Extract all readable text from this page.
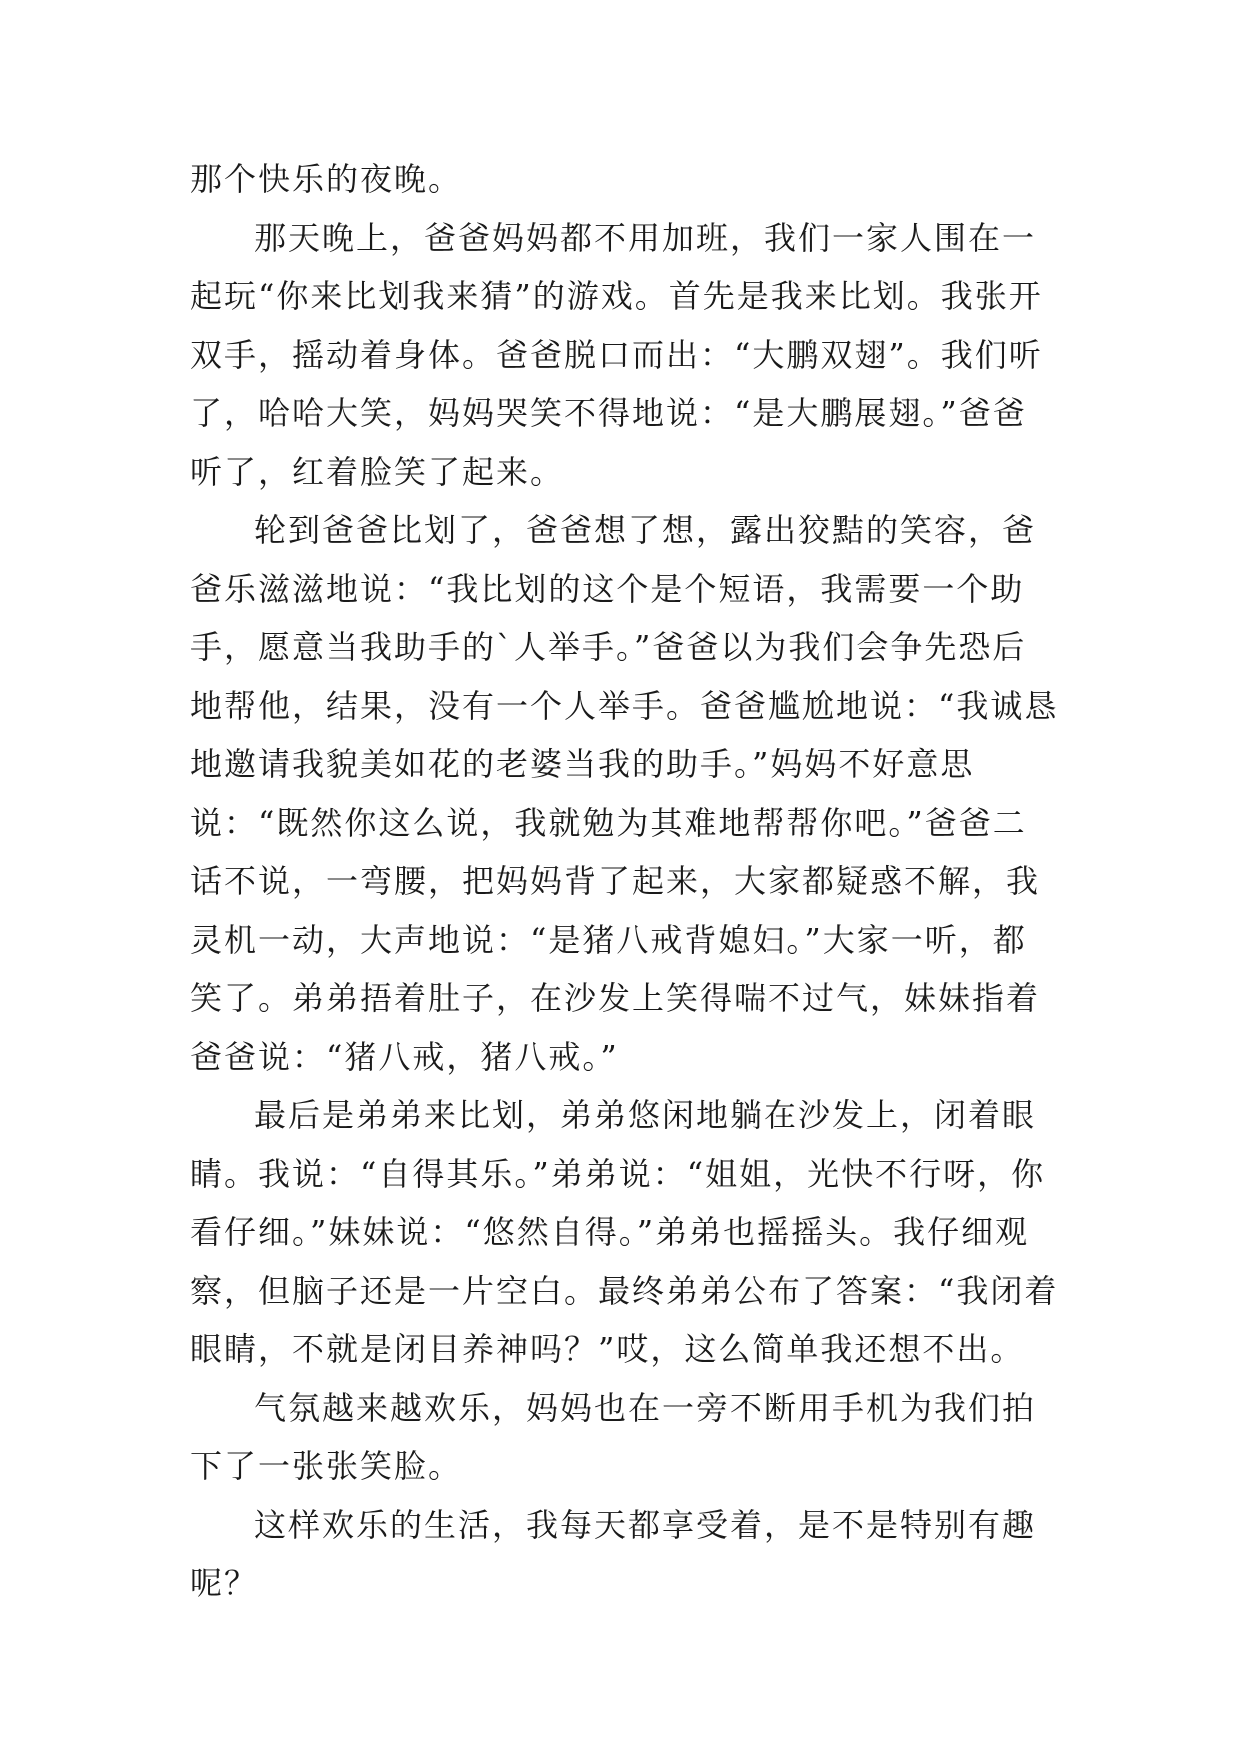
那个快乐的夜晚。

那天晚上，爸爸妈妈都不用加班，我们一家人围在一起玩“你来比划我来猜”的游戏。首先是我来比划。我张开双手，摇动着身体。爸爸脱口而出：“大鹏双翅”。我们听了，哈哈大笑，妈妈哭笑不得地说：“是大鹏展翅。”爸爸听了，红着脸笑了起来。

轮到爸爸比划了，爸爸想了想，露出狡黠的笑容，爸爸乐滋滋地说：“我比划的这个是个短语，我需要一个助手，愿意当我助手的`人举手。”爸爸以为我们会争先恐后地帮他，结果，没有一个人举手。爸爸尴尬地说：“我诚恳地邀请我貌美如花的老婆当我的助手。”妈妈不好意思说：“既然你这么说，我就勉为其难地帮帮你吧。”爸爸二话不说，一弯腰，把妈妈背了起来，大家都疑惑不解，我灵机一动，大声地说：“是猪八戒背媳妇。”大家一听，都笑了。弟弟捂着肚子，在沙发上笑得喘不过气，妹妹指着爸爸说：“猪八戒，猪八戒。”

最后是弟弟来比划，弟弟悠闲地躺在沙发上，闭着眼睛。我说：“自得其乐。”弟弟说：“姐姐，光快不行呀，你看仔细。”妹妹说：“悠然自得。”弟弟也摇摇头。我仔细观察，但脑子还是一片空白。最终弟弟公布了答案：“我闭着眼睛，不就是闭目养神吗？”哎，这么简单我还想不出。

气氛越来越欢乐，妈妈也在一旁不断用手机为我们拍下了一张张笑脸。

这样欢乐的生活，我每天都享受着，是不是特别有趣呢？
